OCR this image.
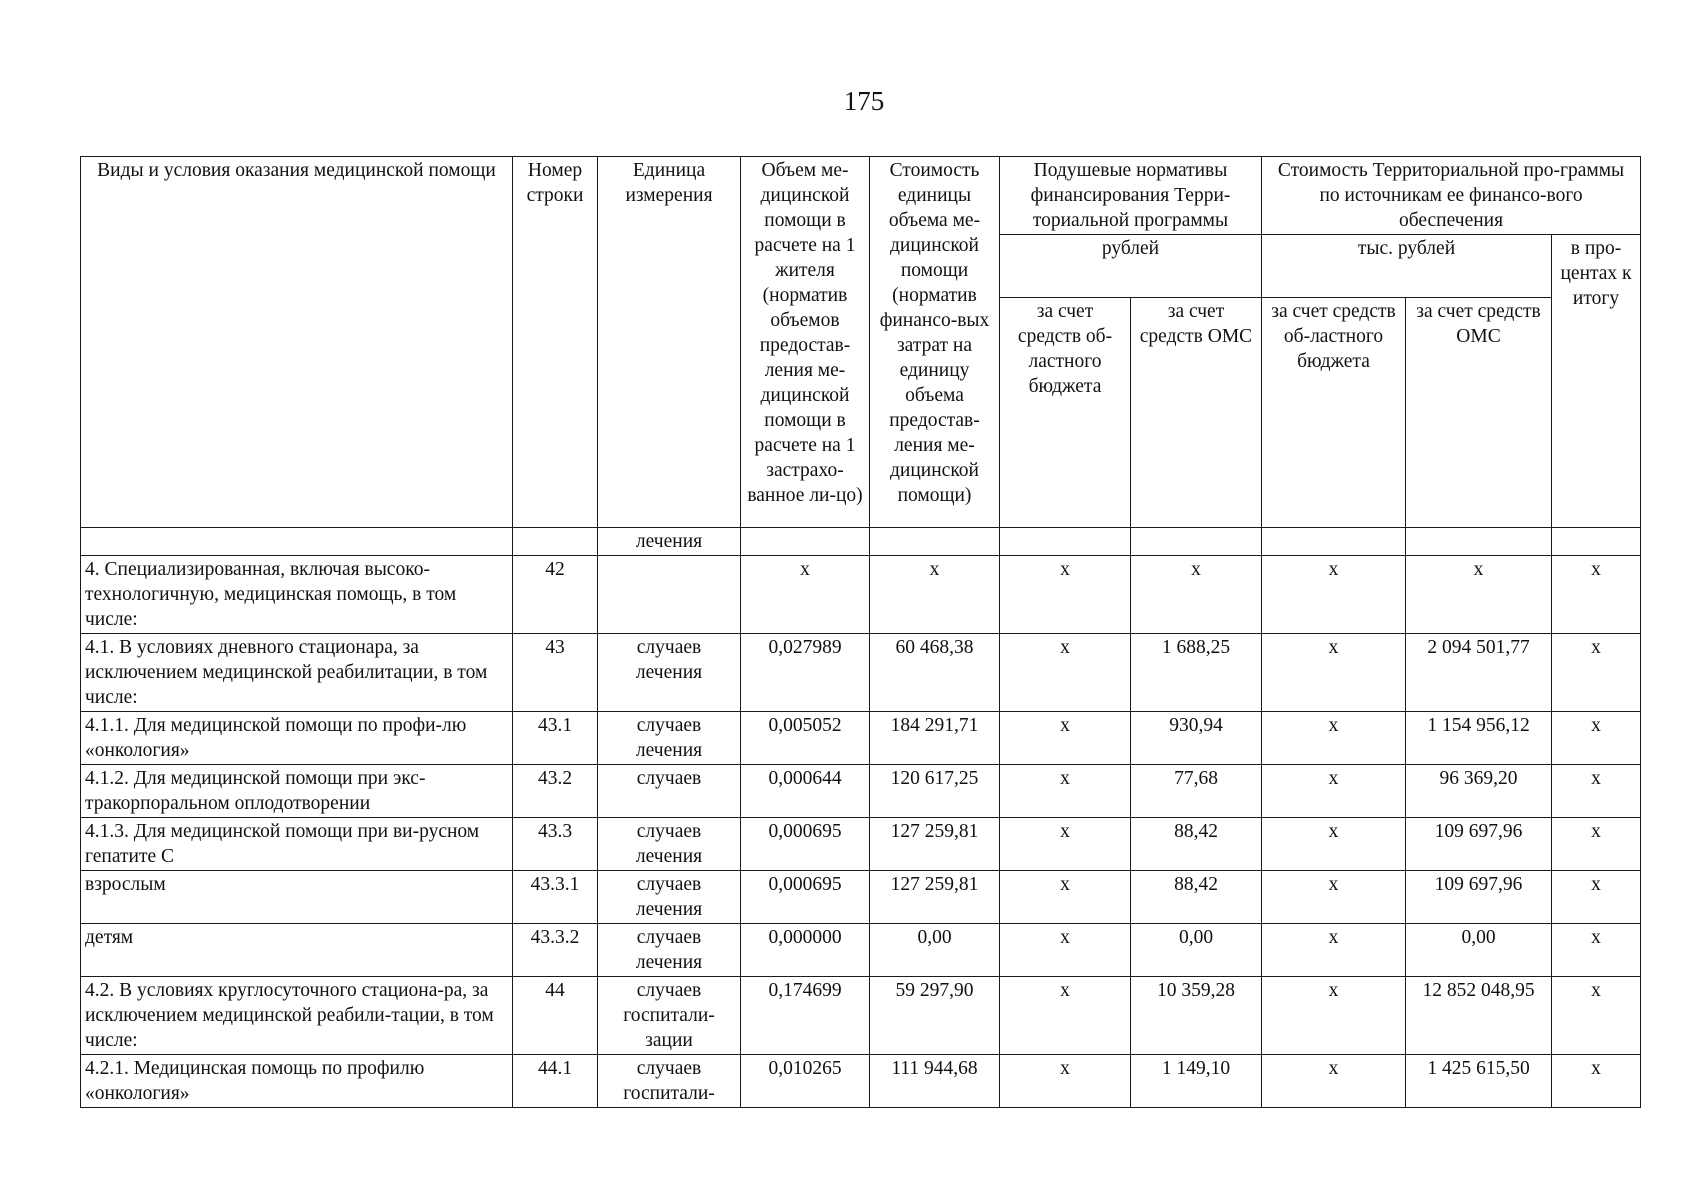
175
Виды и условия оказания медицинской помощи	Номер строки	Единица измерения	Объем ме-дицинской помощи в расчете на 1 жителя (норматив объемов предостав-ления ме-дицинской помощи в расчете на 1 застрахо-ванное ли-цо)	Стоимость единицы объема ме-дицинской помощи (норматив финансо-вых затрат на единицу объема предостав-ления ме-дицинской помощи)	Подушевые нормативы финансирования Терри-ториальной программы		Стоимость Территориальной про-граммы по источникам ее финансо-вого обеспечения		
					рублей		тыс. рублей		в про-центах к итогу
					за счет средств об-ластного бюджета	за счет средств ОМС	за счет средств об-ластного бюджета	за счет средств ОМС	
		лечения							
4. Специализированная, включая высоко-технологичную, медицинская помощь, в том числе:	42		х	х	х	х	х	х	х
4.1. В условиях дневного стационара, за исключением медицинской реабилитации, в том числе:	43	случаев лечения	0,027989	60 468,38	х	1 688,25	х	2 094 501,77	х
4.1.1. Для медицинской помощи по профи-лю «онкология»	43.1	случаев лечения	0,005052	184 291,71	х	930,94	х	1 154 956,12	х
4.1.2. Для медицинской помощи при экс-тракорпоральном оплодотворении	43.2	случаев	0,000644	120 617,25	х	77,68	х	96 369,20	х
4.1.3. Для медицинской помощи при ви-русном гепатите С	43.3	случаев лечения	0,000695	127 259,81	х	88,42	х	109 697,96	х
взрослым	43.3.1	случаев лечения	0,000695	127 259,81	х	88,42	х	109 697,96	х
детям	43.3.2	случаев лечения	0,000000	0,00	х	0,00	х	0,00	х
4.2. В условиях круглосуточного стациона-ра, за исключением медицинской реабили-тации, в том числе:	44	случаев госпитали-зации	0,174699	59 297,90	х	10 359,28	х	12 852 048,95	х
4.2.1. Медицинская помощь по профилю «онкология»	44.1	случаев госпитали-	0,010265	111 944,68	х	1 149,10	х	1 425 615,50	х
